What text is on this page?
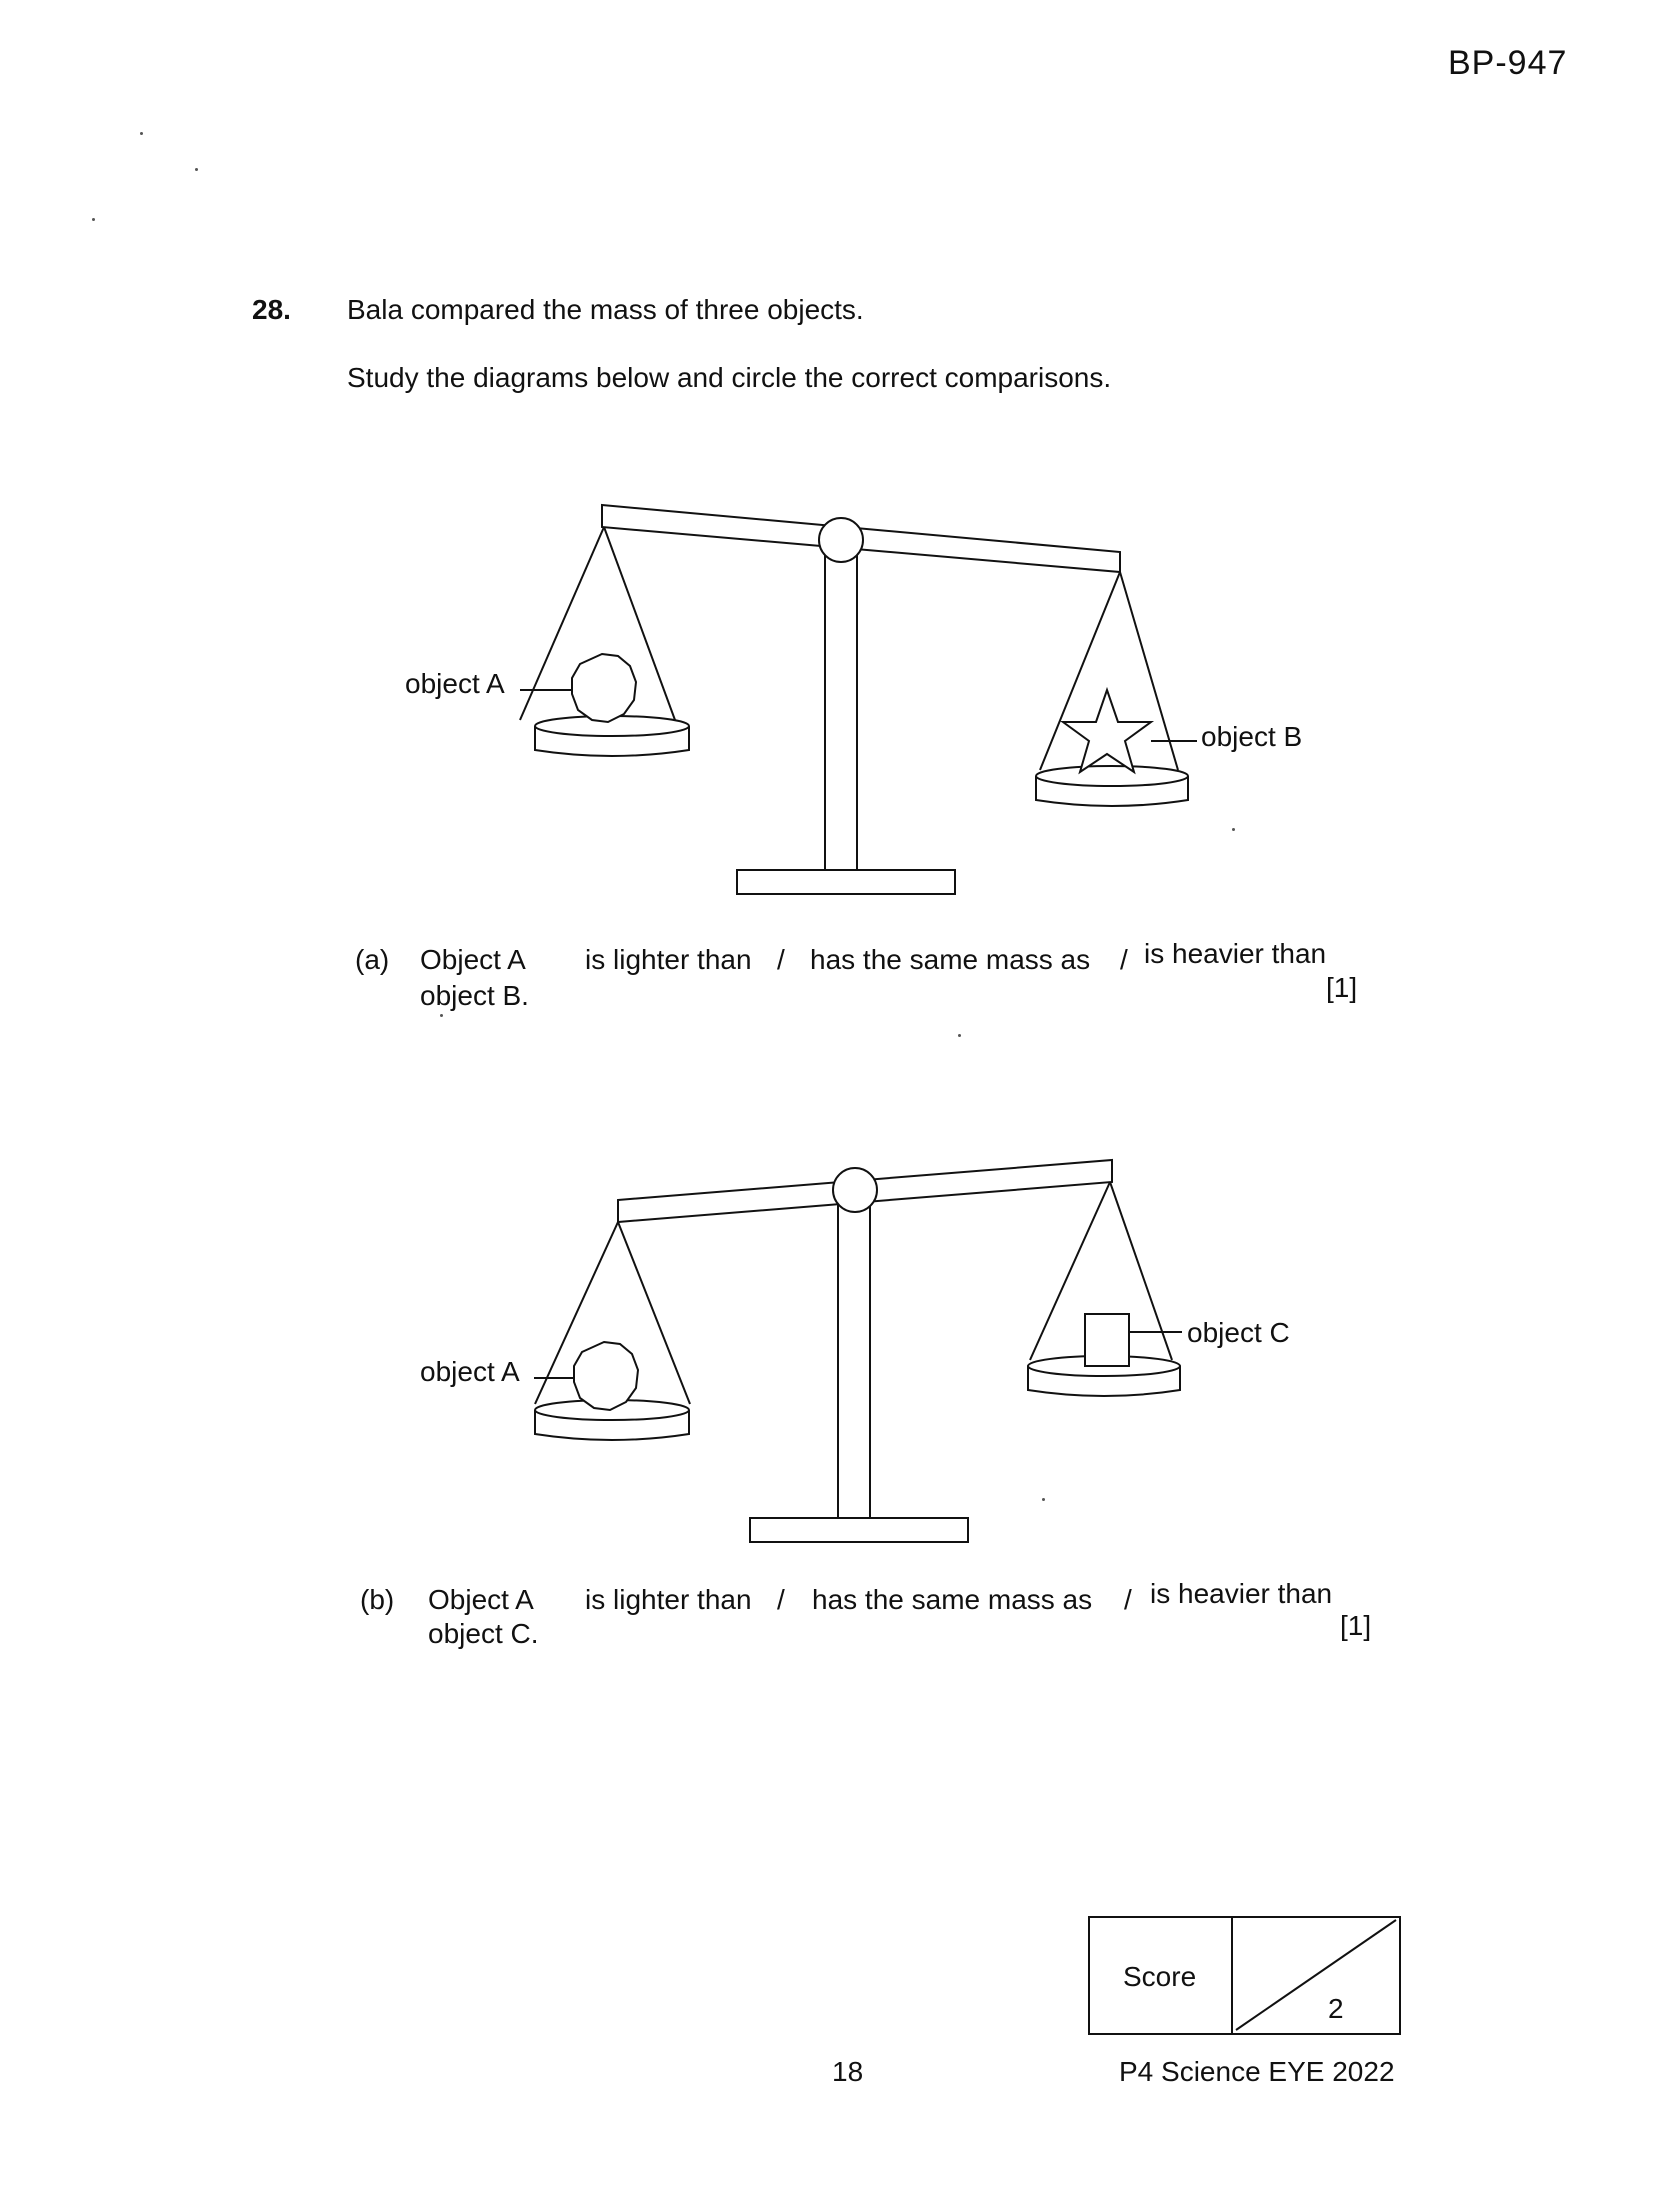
BP-947
28. Bala compared the mass of three objects.
Study the diagrams below and circle the correct comparisons.
object A
object B
(a) Object A is lighter than / has the same mass as / is heavier than
object B.	[1]
object A
object C
(b) Object A is lighter than / has the same mass as / is heavier than
object C.	[1]
Score
2
18	P4 Science EYE 2022
